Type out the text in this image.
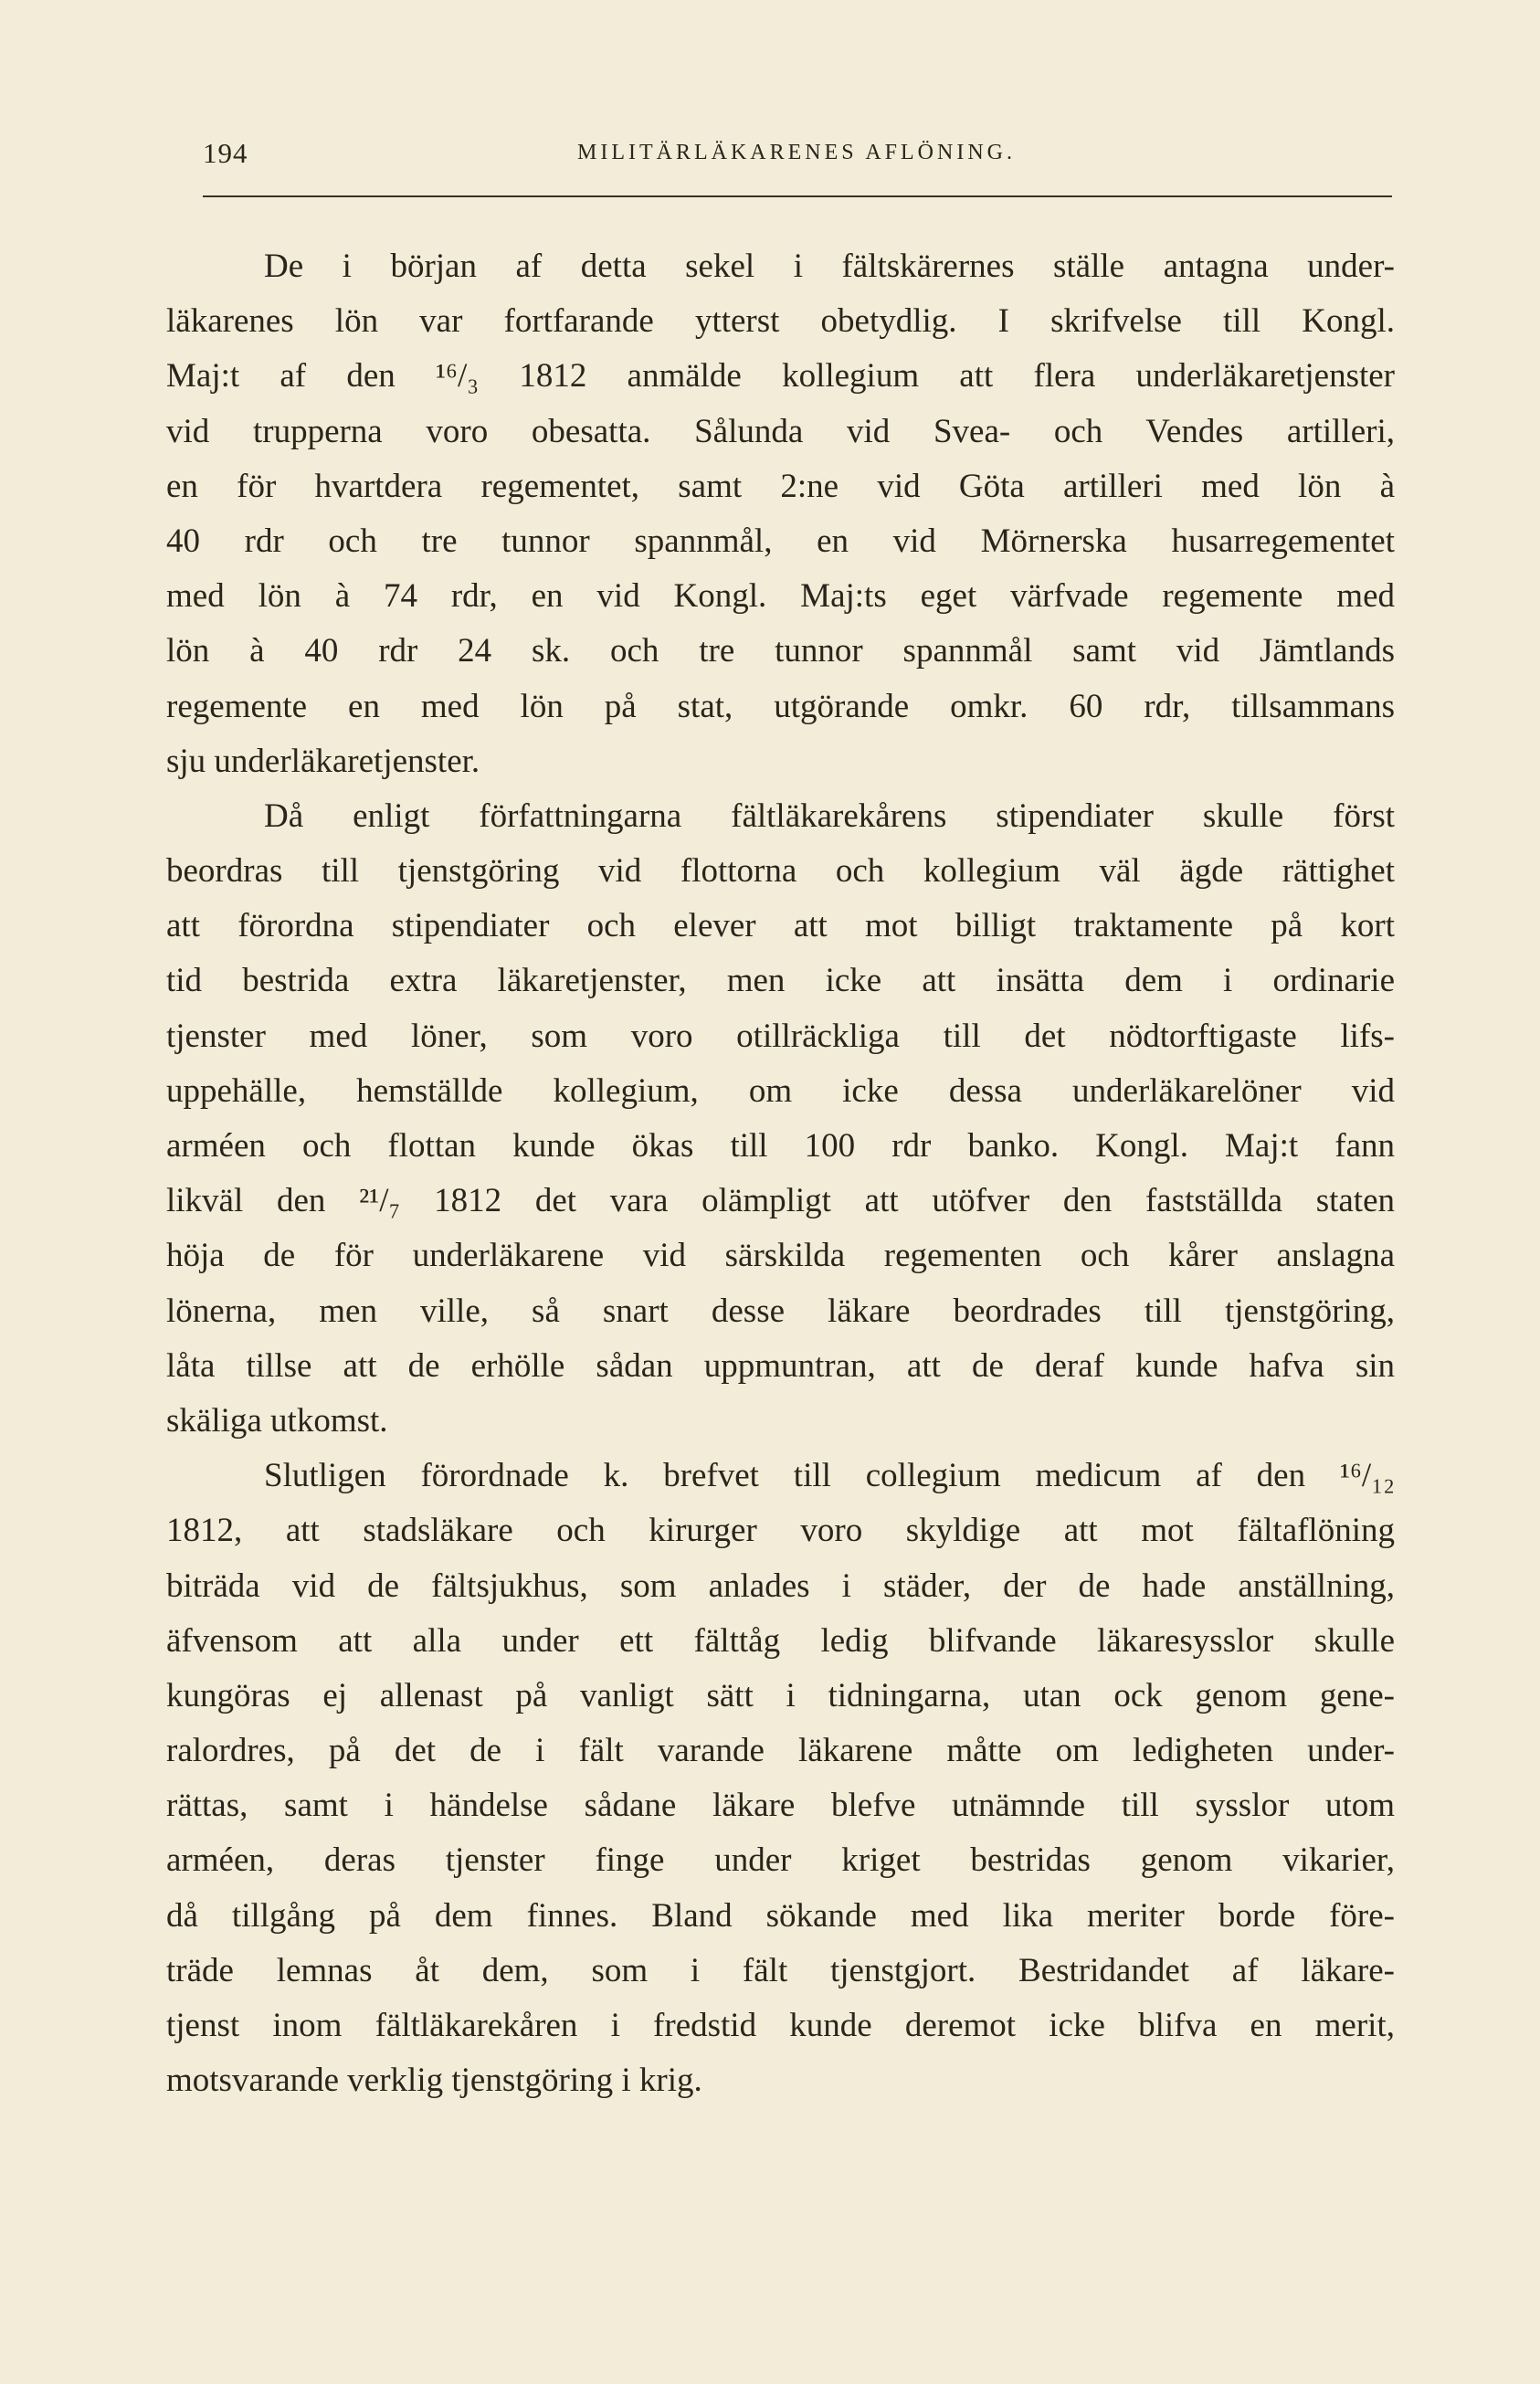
194	MILITÄRLÄKARENES AFLÖNING.
De i början af detta sekel i fältskärernes ställe antagna under-
läkarenes lön var fortfarande ytterst obetydlig. I skrifvelse till Kongl.
Maj:t af den ¹⁶/₃ 1812 anmälde kollegium att flera underläkaretjenster
vid trupperna voro obesatta. Sålunda vid Svea- och Vendes artilleri,
en för hvartdera regementet, samt 2:ne vid Göta artilleri med lön à
40 rdr och tre tunnor spannmål, en vid Mörnerska husarregementet
med lön à 74 rdr, en vid Kongl. Maj:ts eget värfvade regemente med
lön à 40 rdr 24 sk. och tre tunnor spannmål samt vid Jämtlands
regemente en med lön på stat, utgörande omkr. 60 rdr, tillsammans
sju underläkaretjenster.
Då enligt författningarna fältläkarekårens stipendiater skulle först
beordras till tjenstgöring vid flottorna och kollegium väl ägde rättighet
att förordna stipendiater och elever att mot billigt traktamente på kort
tid bestrida extra läkaretjenster, men icke att insätta dem i ordinarie
tjenster med löner, som voro otillräckliga till det nödtorftigaste lifs-
uppehälle, hemställde kollegium, om icke dessa underläkarelöner vid
arméen och flottan kunde ökas till 100 rdr banko. Kongl. Maj:t fann
likväl den ²¹/₇ 1812 det vara olämpligt att utöfver den fastställda staten
höja de för underläkarene vid särskilda regementen och kårer anslagna
lönerna, men ville, så snart desse läkare beordrades till tjenstgöring,
låta tillse att de erhölle sådan uppmuntran, att de deraf kunde hafva sin
skäliga utkomst.
Slutligen förordnade k. brefvet till collegium medicum af den ¹⁶/₁₂
1812, att stadsläkare och kirurger voro skyldige att mot fältaflöning
biträda vid de fältsjukhus, som anlades i städer, der de hade anställning,
äfvensom att alla under ett fälttåg ledig blifvande läkaresysslor skulle
kungöras ej allenast på vanligt sätt i tidningarna, utan ock genom gene-
ralordres, på det de i fält varande läkarene måtte om ledigheten under-
rättas, samt i händelse sådane läkare blefve utnämnde till sysslor utom
arméen, deras tjenster finge under kriget bestridas genom vikarier,
då tillgång på dem finnes. Bland sökande med lika meriter borde före-
träde lemnas åt dem, som i fält tjenstgjort. Bestridandet af läkare-
tjenst inom fältläkarekåren i fredstid kunde deremot icke blifva en merit,
motsvarande verklig tjenstgöring i krig.
